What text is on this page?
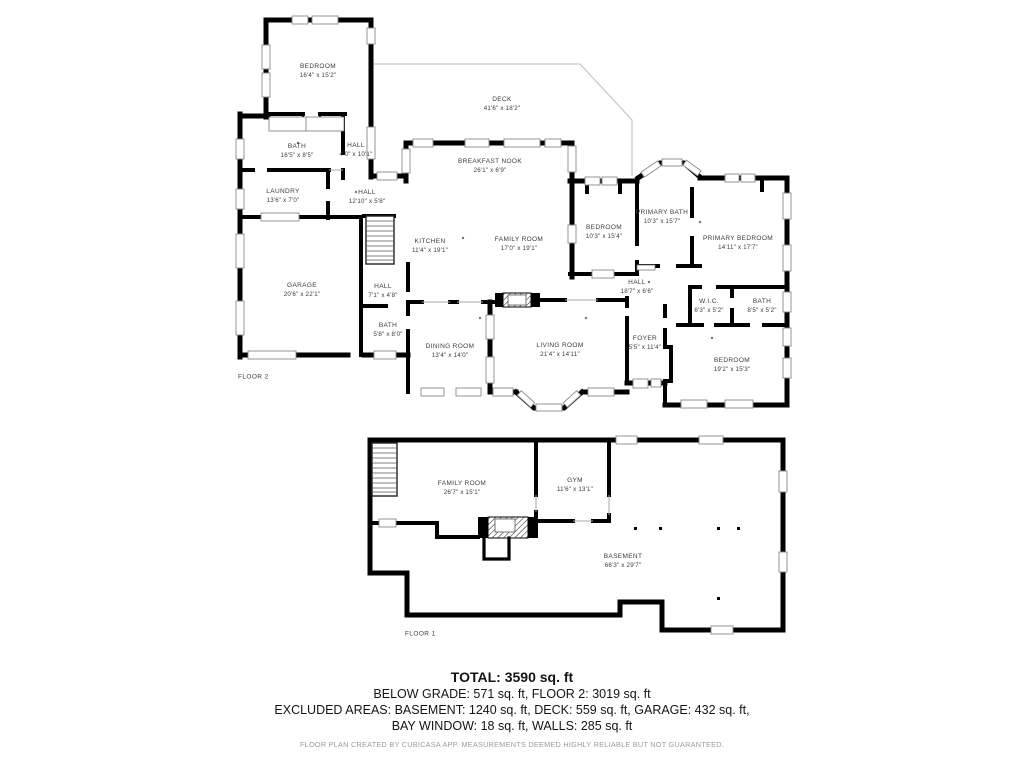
BEDROOM
16'4" x 15'2"
DECK
41'6" x 18'2"
BATH
16'5" x 8'5"
HALL
4'0" x 10'1"
BREAKFAST NOOK
26'1" x 6'9"
LAUNDRY
13'6" x 7'0"
HALL
12'10" x 5'8"
KITCHEN
11'4" x 19'1"
FAMILY ROOM
17'0" x 19'1"
BEDROOM
10'3" x 15'4"
PRIMARY BATH
10'3" x 15'7"
PRIMARY BEDROOM
14'11" x 17'7"
GARAGE
20'6" x 22'1"
HALL
7'1" x 4'8"
HALL
18'7" x 6'6"
W.I.C.
6'3" x 5'2"
BATH
8'5" x 5'2"
BATH
5'8" x 8'0"
DINING ROOM
13'4" x 14'0"
LIVING ROOM
21'4" x 14'11"
FOYER
5'5" x 11'4"
BEDROOM
19'2" x 15'3"
FLOOR 2
FAMILY ROOM
26'7" x 15'1"
GYM
11'6" x 13'1"
BASEMENT
66'3" x 29'7"
FLOOR 1
TOTAL: 3590 sq. ft
BELOW GRADE: 571 sq. ft, FLOOR 2: 3019 sq. ft
EXCLUDED AREAS: BASEMENT: 1240 sq. ft, DECK: 559 sq. ft, GARAGE: 432 sq. ft,
BAY WINDOW: 18 sq. ft, WALLS: 285 sq. ft
FLOOR PLAN CREATED BY CUBICASA APP. MEASUREMENTS DEEMED HIGHLY RELIABLE BUT NOT GUARANTEED.
